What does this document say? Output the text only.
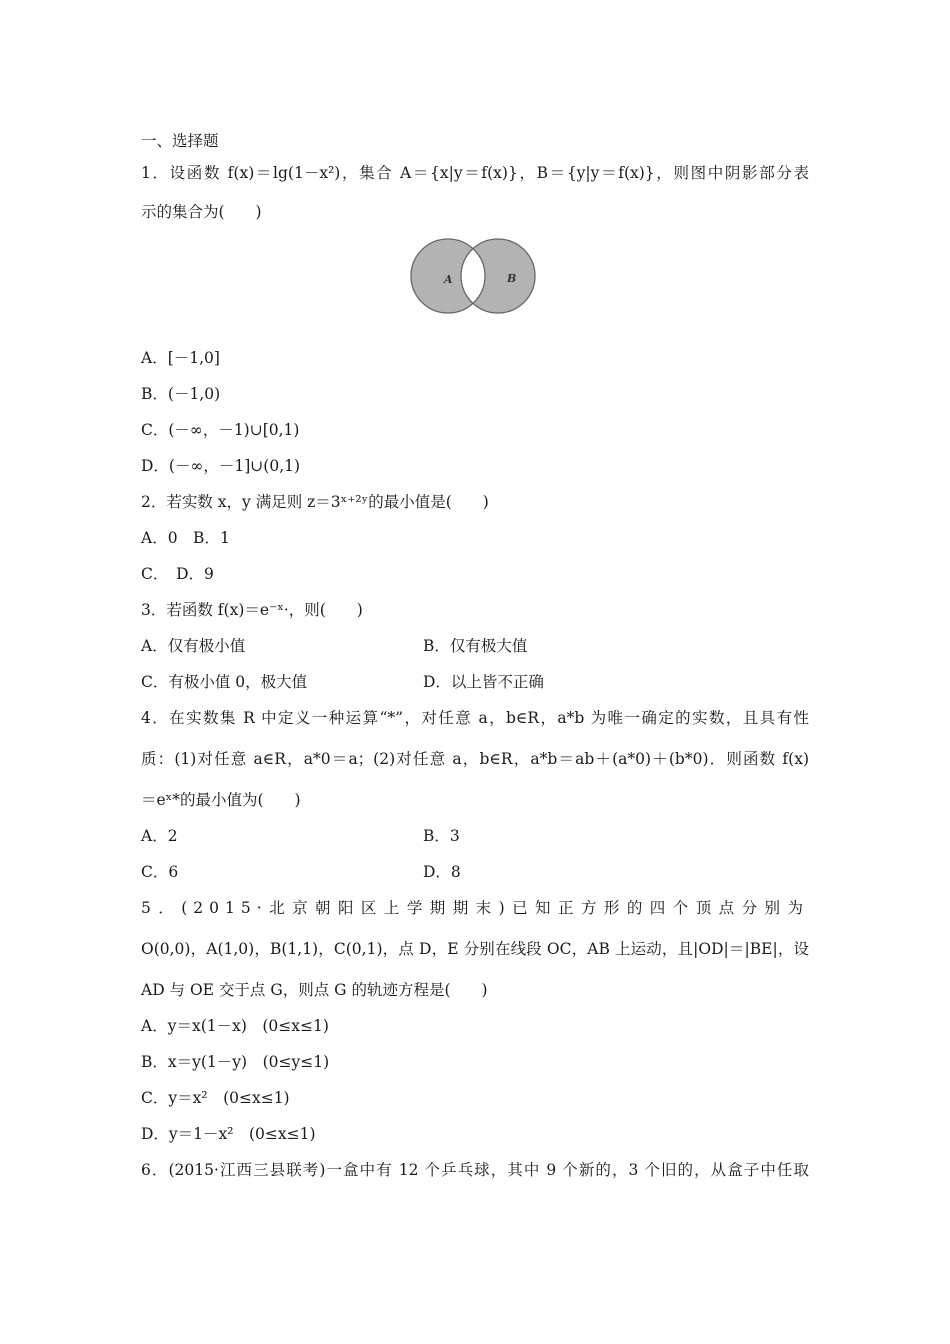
一、选择题
1．设函数 f(x)＝lg(1－x²)，集合 A＝{x|y＝f(x)}，B＝{y|y＝f(x)}，则图中阴影部分表
示的集合为(　　)
A	B
A．[－1,0]
B．(－1,0)
C．(－∞，－1)∪[0,1)
D．(－∞，－1]∪(0,1)
2．若实数 x，y 满足则 z＝3ˣ⁺²ʸ的最小值是(　　)
A．0　B．1
C．　D．9
3．若函数 f(x)＝e⁻ˣ·，则(　　)
A．仅有极小值	B．仅有极大值
C．有极小值 0，极大值	D．以上皆不正确
4．在实数集 R 中定义一种运算“*”，对任意 a，b∈R，a*b 为唯一确定的实数，且具有性
质：(1)对任意 a∈R，a*0＝a；(2)对任意 a，b∈R，a*b＝ab＋(a*0)＋(b*0)．则函数 f(x)
＝eˣ*的最小值为(　　)
A．2	B．3
C．6	D．8
5．(2015·北京朝阳区上学期期末)已知正方形的四个顶点分别为
O(0,0)，A(1,0)，B(1,1)，C(0,1)，点 D，E 分别在线段 OC，AB 上运动，且|OD|＝|BE|，设
AD 与 OE 交于点 G，则点 G 的轨迹方程是(　　)
A．y＝x(1－x)　(0≤x≤1)
B．x＝y(1－y)　(0≤y≤1)
C．y＝x²　(0≤x≤1)
D．y＝1－x²　(0≤x≤1)
6．(2015·江西三县联考)一盒中有 12 个乒乓球，其中 9 个新的，3 个旧的，从盒子中任取
